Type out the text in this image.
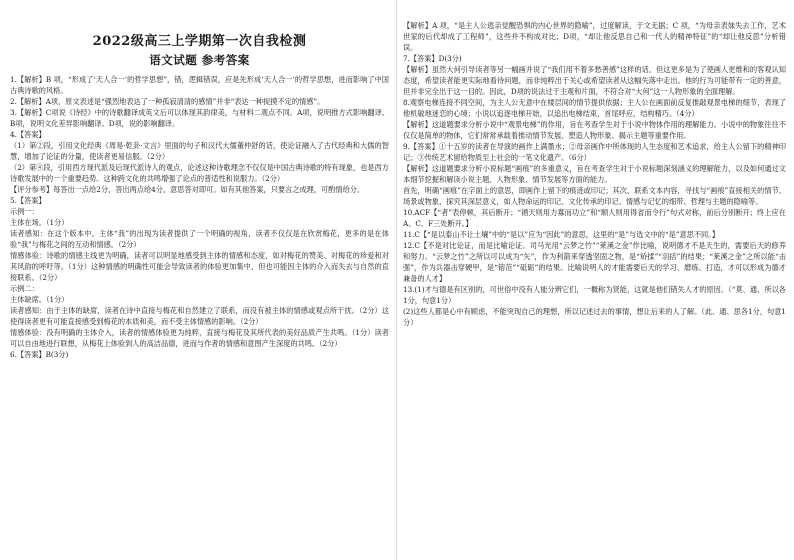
2022级高三上学期第一次自我检测
语文试题 参考答案

1.【解析】B 项，“形成了‘天人合一’的哲学思想”，错，逻辑错误，应是先形成‘天人合一’的哲学思想，进而影响了中国古典诗歌的风格。

2.【解析】A项，原文表述是“强烈地表达了一种孤寂清清的感情”并非“表达一种捉摸不定的情感”。

3.【解析】C项说《诗经》中的诗歌翻译成英文后可以体现其韵律美，与材料二观点不同。A项，说明推方式影响翻译。B项，说明文化差异影响翻译。D项，说的影响翻译。

4.【答案】

（1）第②段，引用文化经典《周易·乾卦·文言》里面的句子和汉代大儒董仲舒的话，使论证融入了古代经典和大儒的智慧，增加了论证的分量，使读者更易信服。（2分）

（2）第④段，引用西方现代派及后现代派诗人的观点，论述这种诗歌理念不仅仅是中国古典诗歌的特有现象，也是西方诗歌发展中的一个重要趋势。这种跨文化的共鸣增强了论点的普适性和说服力。（2分）

【评分参考】每答出一点给2分，答出两点给4分。意思答对即可。如有其他答案，只要言之成理，可酌情给分。

5.【答案】

示例一：

主体在场。（1分）

读者感知：在这个版本中，主体“我”的出现为读者提供了一个明确的视角，读者不仅仅是在欣赏梅花，更多的是在体验“我”与梅花之间的互动和情感。（2分）

情感体验：诗歌的情感主线更为明确，读者可以明显地感受到主体的情感和态度，如对梅花的赞美、对梅花的珍爱和对其风韵的呼吁等。（1分）这种情感的明确性可能会导致读者的体验更加集中，但也可能因主体的介入而失去与自然的直接联系。（2分）

示例二：

主体缺席。（1分）

读者感知：由于主体的缺席，读者在诗中直接与梅花和自然建立了联系，而没有被主体的情感或观点所干扰。（2分）这使得读者更有可能直接感受到梅花的本质和美，而不受主体情感的影响。（2分）

情感体验：没有明确的主体介入，读者的情感体验更为纯粹，直接与梅花及其所代表的美好品质产生共鸣。（1分）读者可以自由地进行联想，从梅花上体验到人的高洁品德，进而与作者的情感和意图产生深度的共鸣。（2分）

6.【答案】B(3分)

【解析】A 项，“是主人公逃亲觉醒恐惧的内心世界的隐喻”，过度解读，于文无据；C 项，“为母亲表妹失去工作，艺术世家的后代却成了工程师”，这些并不构成对比；D项，“却让他反思自己和一代人的精神特征”的“却让他反思”分析错误。

7.【答案】D(3分)

【解析】虽然大何引导读者等另一幅画并说了“我们用不着多愁善感”这样的话，但这更多是为了使画人更维和的客观认知态度，希望读者能更实际地看待问题，而非纯粹出于关心或希望读者从这幅失落中走出。他的行为可能带有一定的善意，但并非完全出于这一目的。因此，D项的说法过于主观和片面，不符合对“大何”这一人物形象的全面理解。

8.观察电梯连接不同空间，为主人公无意中在楼层间的情节提供依据；主人公在画面前反复推敲观景电梯的细节，表现了他机敏地迷恋的心境；小说以追逐电梯开始，以追出电梯结束，首尾呼应，结构精巧。（4分）

【解析】这道题要求分析小说中“观景电梯”的作用，旨在考查学生对于小说中物体作用的理解能力。小说中的物象往往不仅仅是简单的物体，它们常常承载着推动情节发展、塑造人物形象、揭示主题等重要作用。

9.【答案】①十五岁的读者在导演的画作上满墨水；②母亲画作中所体现的人生态度和艺术追求，给主人公留下的精神印记；③传统艺术留给物质至上社会的一笔文化遗产。（6分）

【解析】这道题要求分析小说标题“画痕”的多重意义，旨在考查学生对于小说标题深刻涵义的理解能力，以及如何通过文本细节挖掘和解读小说主题、人物形象、情节发展等方面的能力。

首先，明确“画痕”在字面上的意思，即画作上留下的痕迹或印记；其次，联系文本内容，寻找与“画痕”直接相关的情节、场景或物象，探究其深层意义，如人物命运的印记、文化传承的印记、情感与记忆的细带、哲理与主题的隐喻等。

10.ACF【“者”表停顿，其后断开；“循天则用力寡而功立”和“顺人则用得省而令行”句式对称，前后分别断开；终上应在A、C、F三处断开。】

11.C【“是以泰山不让土壤”中的“是以”应为“因此”的意思，这里的“是”与选文中的“是”意思不同。】

12.C【不是对比论证，而是比喻论证。司马光用“云梦之竹”“莱溪之金”作比喻，说明德才不是天生的，需要后天的修养和努力。“云梦之竹”之所以可以成为“矢”，作为利箭来穿透坚固之物，是“矫揉”“羽括”的结果；“莱溪之金”之所以能“击强”，作为兵器击穿硬甲，是“镕范”“砥砺”的结果。比喻说明人的才能需要后天的学习、磨练、打造，才可以形成为德才兼备的人才】

13.(1)才与德是有区别的，可世俗中没有人能分辨它们，一概称为贤能，这就是他们错失人才的原因。（“莫、通、所以各1分，句意1分）

(2)这些人都是心中有顾虑，不能突现自己的理想，所以记述过去的事情，想让后来的人了解。（此、通、思各1分，句意1分）
